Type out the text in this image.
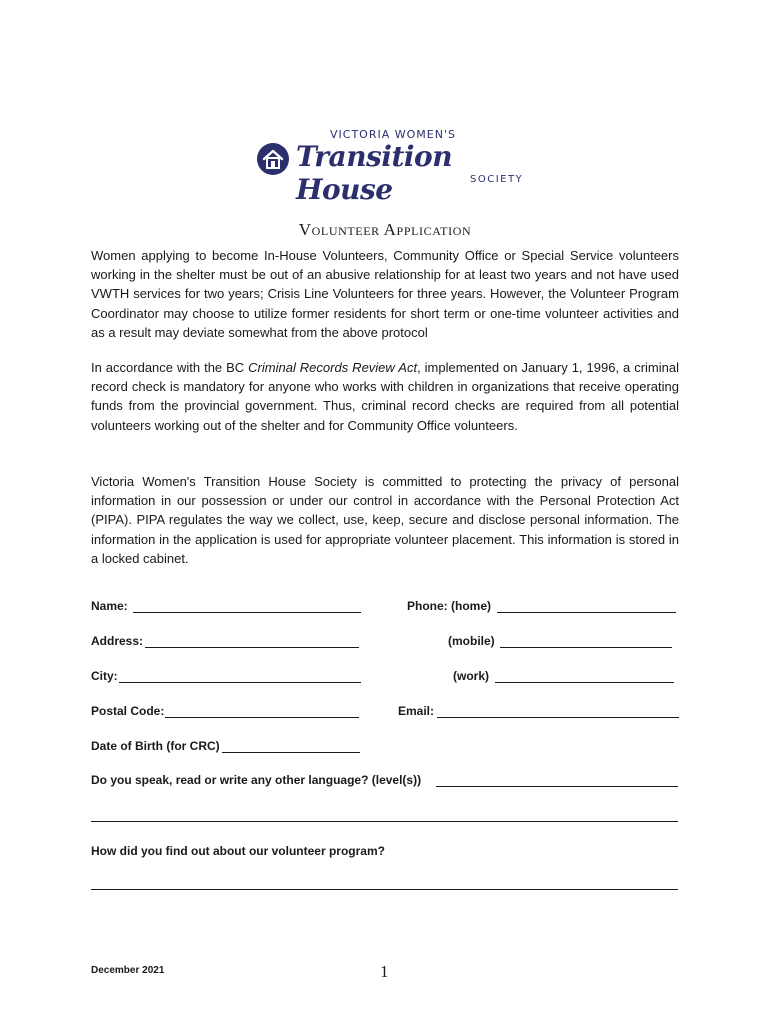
VICTORIA WOMEN'S
Transition House	SOCIETY
Volunteer Application
Women applying to become In-House Volunteers, Community Office or Special Service volunteers working in the shelter must be out of an abusive relationship for at least two years and not have used VWTH services for two years; Crisis Line Volunteers for three years. However, the Volunteer Program Coordinator may choose to utilize former residents for short term or one-time volunteer activities and as a result may deviate somewhat from the above protocol
In accordance with the BC Criminal Records Review Act, implemented on January 1, 1996, a criminal record check is mandatory for anyone who works with children in organizations that receive operating funds from the provincial government. Thus, criminal record checks are required from all potential volunteers working out of the shelter and for Community Office volunteers.
Victoria Women's Transition House Society is committed to protecting the privacy of personal information in our possession or under our control in accordance with the Personal Protection Act (PIPA). PIPA regulates the way we collect, use, keep, secure and disclose personal information. The information in the application is used for appropriate volunteer placement. This information is stored in a locked cabinet.
Name:	Phone: (home)
Address:	(mobile)
City:	(work)
Postal Code:	Email:
Date of Birth (for CRC)
Do you speak, read or write any other language? (level(s))
How did you find out about our volunteer program?
December 2021	1
